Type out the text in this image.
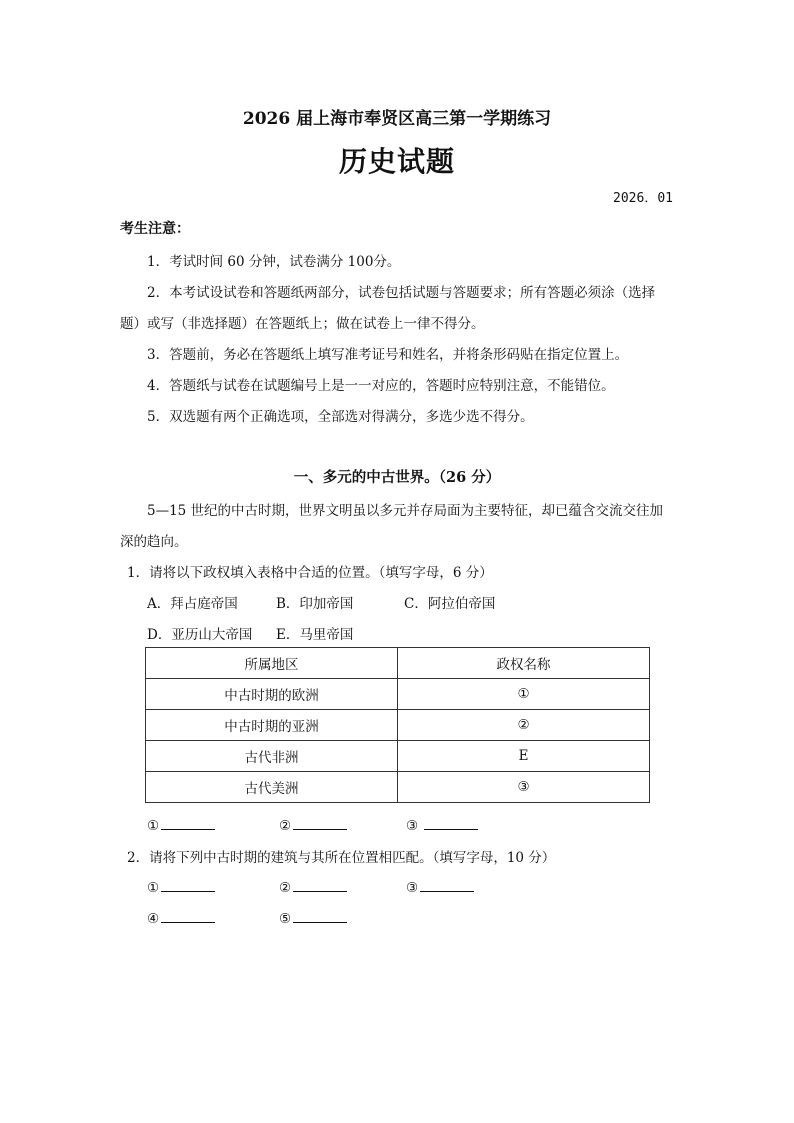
2026 届上海市奉贤区高三第一学期练习
历史试题
2026．01
考生注意：
1．考试时间 60 分钟，试卷满分 100分。
2．本考试设试卷和答题纸两部分，试卷包括试题与答题要求；所有答题必须涂（选择
题）或写（非选择题）在答题纸上；做在试卷上一律不得分。
3．答题前，务必在答题纸上填写准考证号和姓名，并将条形码贴在指定位置上。
4．答题纸与试卷在试题编号上是一一对应的，答题时应特别注意，不能错位。
5．双选题有两个正确选项，全部选对得满分，多选少选不得分。
一、多元的中古世界。（26 分）
5—15 世纪的中古时期，世界文明虽以多元并存局面为主要特征，却已蕴含交流交往加
深的趋向。
1．请将以下政权填入表格中合适的位置。（填写字母，6 分）
A．拜占庭帝国	B．印加帝国	C．阿拉伯帝国
D．亚历山大帝国 E．马里帝国
所属地区	政权名称
中古时期的欧洲	①
中古时期的亚洲	②
古代非洲	E
古代美洲	③
①	②	③
2．请将下列中古时期的建筑与其所在位置相匹配。（填写字母，10 分）
①	②	③
④	⑤
